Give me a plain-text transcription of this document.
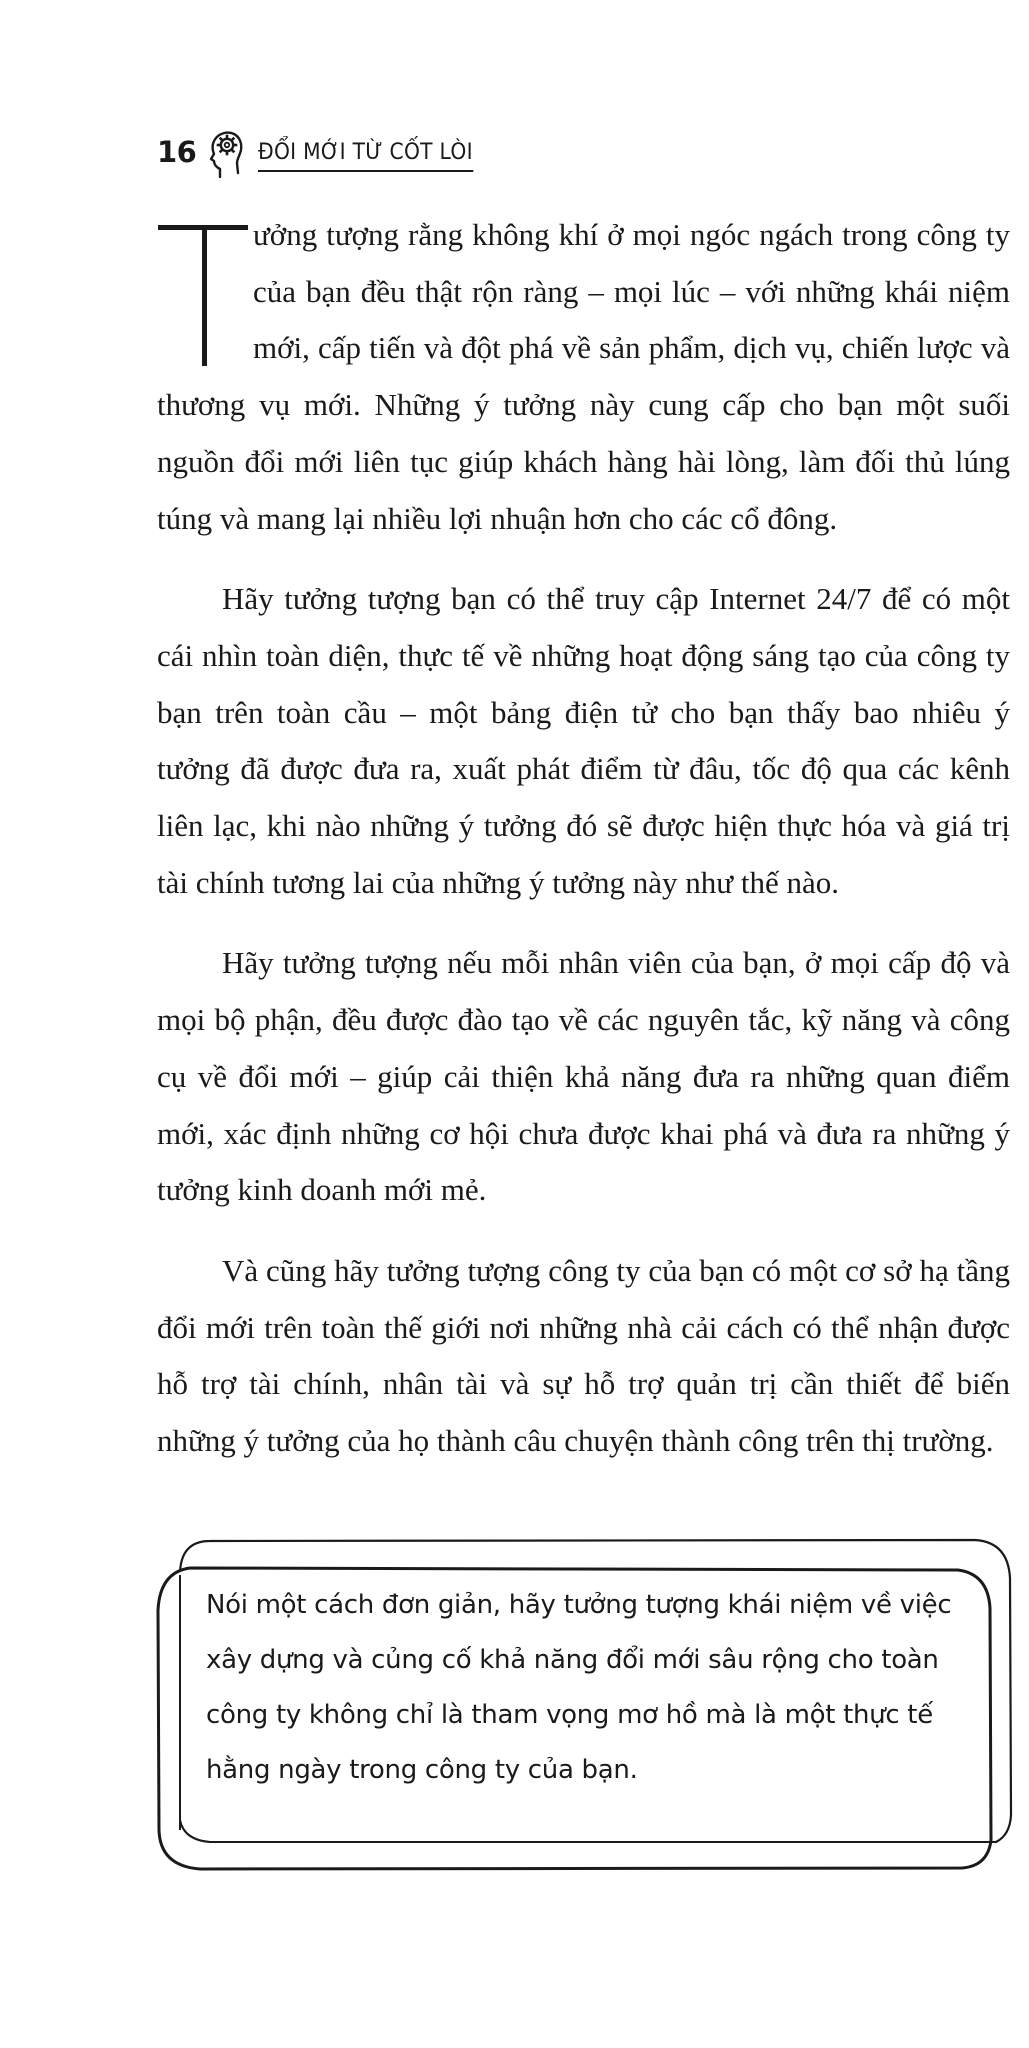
16	ĐỔI MỚI TỪ CỐT LÒI

ưởng tượng rằng không khí ở mọi ngóc ngách trong công ty của bạn đều thật rộn ràng – mọi lúc – với những khái niệm mới, cấp tiến và đột phá về sản phẩm, dịch vụ, chiến lược và thương vụ mới. Những ý tưởng này cung cấp cho bạn một suối nguồn đổi mới liên tục giúp khách hàng hài lòng, làm đối thủ lúng túng và mang lại nhiều lợi nhuận hơn cho các cổ đông.

Hãy tưởng tượng bạn có thể truy cập Internet 24/7 để có một cái nhìn toàn diện, thực tế về những hoạt động sáng tạo của công ty bạn trên toàn cầu – một bảng điện tử cho bạn thấy bao nhiêu ý tưởng đã được đưa ra, xuất phát điểm từ đâu, tốc độ qua các kênh liên lạc, khi nào những ý tưởng đó sẽ được hiện thực hóa và giá trị tài chính tương lai của những ý tưởng này như thế nào.

Hãy tưởng tượng nếu mỗi nhân viên của bạn, ở mọi cấp độ và mọi bộ phận, đều được đào tạo về các nguyên tắc, kỹ năng và công cụ về đổi mới – giúp cải thiện khả năng đưa ra những quan điểm mới, xác định những cơ hội chưa được khai phá và đưa ra những ý tưởng kinh doanh mới mẻ.

Và cũng hãy tưởng tượng công ty của bạn có một cơ sở hạ tầng đổi mới trên toàn thế giới nơi những nhà cải cách có thể nhận được hỗ trợ tài chính, nhân tài và sự hỗ trợ quản trị cần thiết để biến những ý tưởng của họ thành câu chuyện thành công trên thị trường.

Nói một cách đơn giản, hãy tưởng tượng khái niệm về việc xây dựng và củng cố khả năng đổi mới sâu rộng cho toàn công ty không chỉ là tham vọng mơ hồ mà là một thực tế hằng ngày trong công ty của bạn.
